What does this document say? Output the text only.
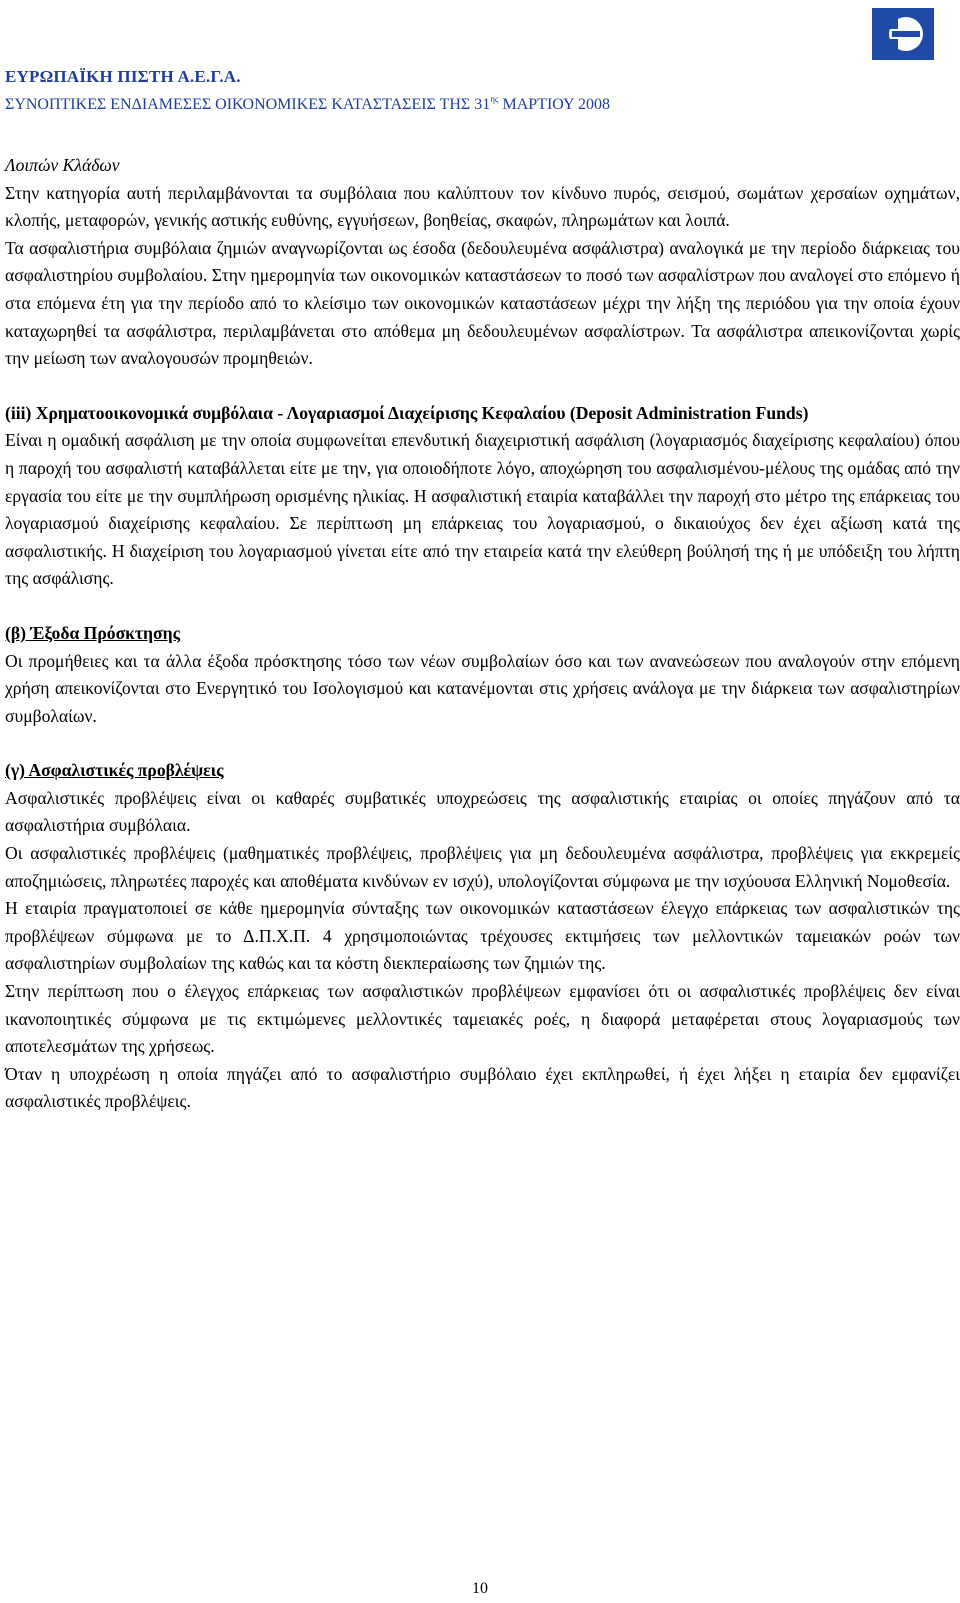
ΕΥΡΩΠΑΪΚΗ ΠΙΣΤΗ Α.Ε.Γ.Α.
ΣΥΝΟΠΤΙΚΕΣ ΕΝΔΙΑΜΕΣΕΣ ΟΙΚΟΝΟΜΙΚΕΣ ΚΑΤΑΣΤΑΣΕΙΣ ΤΗΣ $31^{\eta\varsigma}$ ΜΑΡΤΙΟΥ 2008

Λοιπών Κλάδων

Στην κατηγορία αυτή περιλαμβάνονται τα συμβόλαια που καλύπτουν τον κίνδυνο πυρός, σεισμού, σωμάτων χερσαίων οχημάτων, κλοπής, μεταφορών, γενικής αστικής ευθύνης, εγγυήσεων, βοηθείας, σκαφών, πληρωμάτων και λοιπά.

Τα ασφαλιστήρια συμβόλαια ζημιών αναγνωρίζονται ως έσοδα (δεδουλευμένα ασφάλιστρα) αναλογικά με την περίοδο διάρκειας του ασφαλιστηρίου συμβολαίου. Στην ημερομηνία των οικονομικών καταστάσεων το ποσό των ασφαλίστρων που αναλογεί στο επόμενο ή στα επόμενα έτη για την περίοδο από το κλείσιμο των οικονομικών καταστάσεων μέχρι την λήξη της περιόδου για την οποία έχουν καταχωρηθεί τα ασφάλιστρα, περιλαμβάνεται στο απόθεμα μη δεδουλευμένων ασφαλίστρων. Τα ασφάλιστρα απεικονίζονται χωρίς την μείωση των αναλογουσών προμηθειών.

(iii) Χρηματοοικονομικά συμβόλαια - Λογαριασμοί Διαχείρισης Κεφαλαίου (Deposit Administration Funds)

Είναι η ομαδική ασφάλιση με την οποία συμφωνείται επενδυτική διαχειριστική ασφάλιση (λογαριασμός διαχείρισης κεφαλαίου) όπου η παροχή του ασφαλιστή καταβάλλεται είτε με την, για οποιοδήποτε λόγο, αποχώρηση του ασφαλισμένου-μέλους της ομάδας από την εργασία του είτε με την συμπλήρωση ορισμένης ηλικίας. Η ασφαλιστική εταιρία καταβάλλει την παροχή στο μέτρο της επάρκειας του λογαριασμού διαχείρισης κεφαλαίου. Σε περίπτωση μη επάρκειας του λογαριασμού, ο δικαιούχος δεν έχει αξίωση κατά της ασφαλιστικής. Η διαχείριση του λογαριασμού γίνεται είτε από την εταιρεία κατά την ελεύθερη βούλησή της ή με υπόδειξη του λήπτη της ασφάλισης.

(β) Έξοδα Πρόσκτησης

Οι προμήθειες και τα άλλα έξοδα πρόσκτησης τόσο των νέων συμβολαίων όσο και των ανανεώσεων που αναλογούν στην επόμενη χρήση απεικονίζονται στο Ενεργητικό του Ισολογισμού και κατανέμονται στις χρήσεις ανάλογα με την διάρκεια των ασφαλιστηρίων συμβολαίων.

(γ) Ασφαλιστικές προβλέψεις

Ασφαλιστικές προβλέψεις είναι οι καθαρές συμβατικές υποχρεώσεις της ασφαλιστικής εταιρίας οι οποίες πηγάζουν από τα ασφαλιστήρια συμβόλαια.

Οι ασφαλιστικές προβλέψεις (μαθηματικές προβλέψεις, προβλέψεις για μη δεδουλευμένα ασφάλιστρα, προβλέψεις για εκκρεμείς αποζημιώσεις, πληρωτέες παροχές και αποθέματα κινδύνων εν ισχύ), υπολογίζονται σύμφωνα με την ισχύουσα Ελληνική Νομοθεσία.

Η εταιρία πραγματοποιεί σε κάθε ημερομηνία σύνταξης των οικονομικών καταστάσεων έλεγχο επάρκειας των ασφαλιστικών της προβλέψεων σύμφωνα με το Δ.Π.Χ.Π. 4 χρησιμοποιώντας τρέχουσες εκτιμήσεις των μελλοντικών ταμειακών ροών των ασφαλιστηρίων συμβολαίων της καθώς και τα κόστη διεκπεραίωσης των ζημιών της.

Στην περίπτωση που ο έλεγχος επάρκειας των ασφαλιστικών προβλέψεων εμφανίσει ότι οι ασφαλιστικές προβλέψεις δεν είναι ικανοποιητικές σύμφωνα με τις εκτιμώμενες μελλοντικές ταμειακές ροές, η διαφορά μεταφέρεται στους λογαριασμούς των αποτελεσμάτων της χρήσεως.

Όταν η υποχρέωση η οποία πηγάζει από το ασφαλιστήριο συμβόλαιο έχει εκπληρωθεί, ή έχει λήξει η εταιρία δεν εμφανίζει ασφαλιστικές προβλέψεις.

10
